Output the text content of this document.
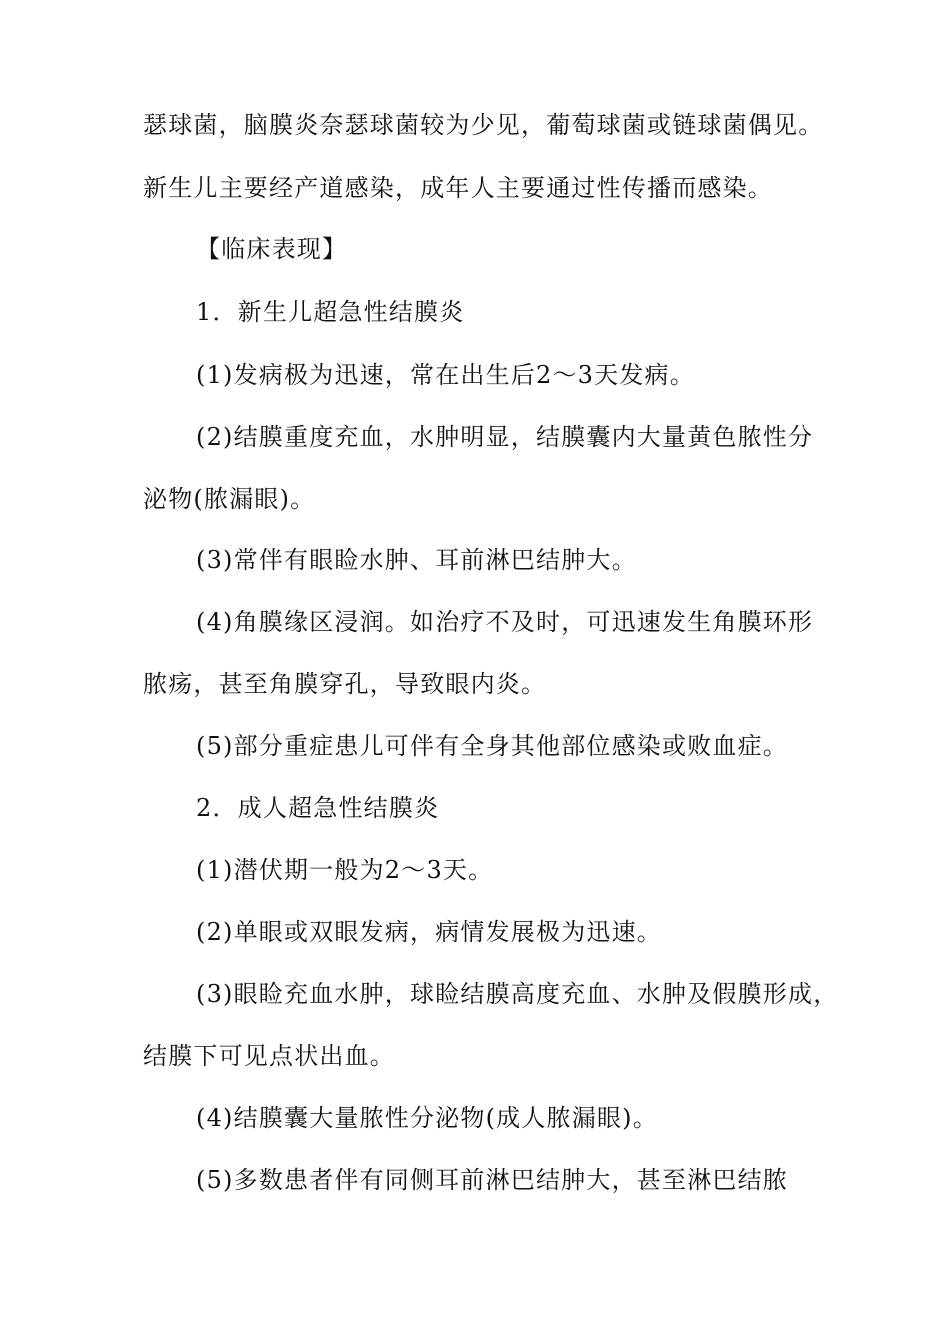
瑟球菌，脑膜炎奈瑟球菌较为少见，葡萄球菌或链球菌偶见。
新生儿主要经产道感染，成年人主要通过性传播而感染。
【临床表现】
1．新生儿超急性结膜炎
(1)发病极为迅速，常在出生后2～3天发病。
(2)结膜重度充血，水肿明显，结膜囊内大量黄色脓性分
泌物(脓漏眼)。
(3)常伴有眼睑水肿、耳前淋巴结肿大。
(4)角膜缘区浸润。如治疗不及时，可迅速发生角膜环形
脓疡，甚至角膜穿孔，导致眼内炎。
(5)部分重症患儿可伴有全身其他部位感染或败血症。
2．成人超急性结膜炎
(1)潜伏期一般为2～3天。
(2)单眼或双眼发病，病情发展极为迅速。
(3)眼睑充血水肿，球睑结膜高度充血、水肿及假膜形成，
结膜下可见点状出血。
(4)结膜囊大量脓性分泌物(成人脓漏眼)。
(5)多数患者伴有同侧耳前淋巴结肿大，甚至淋巴结脓
